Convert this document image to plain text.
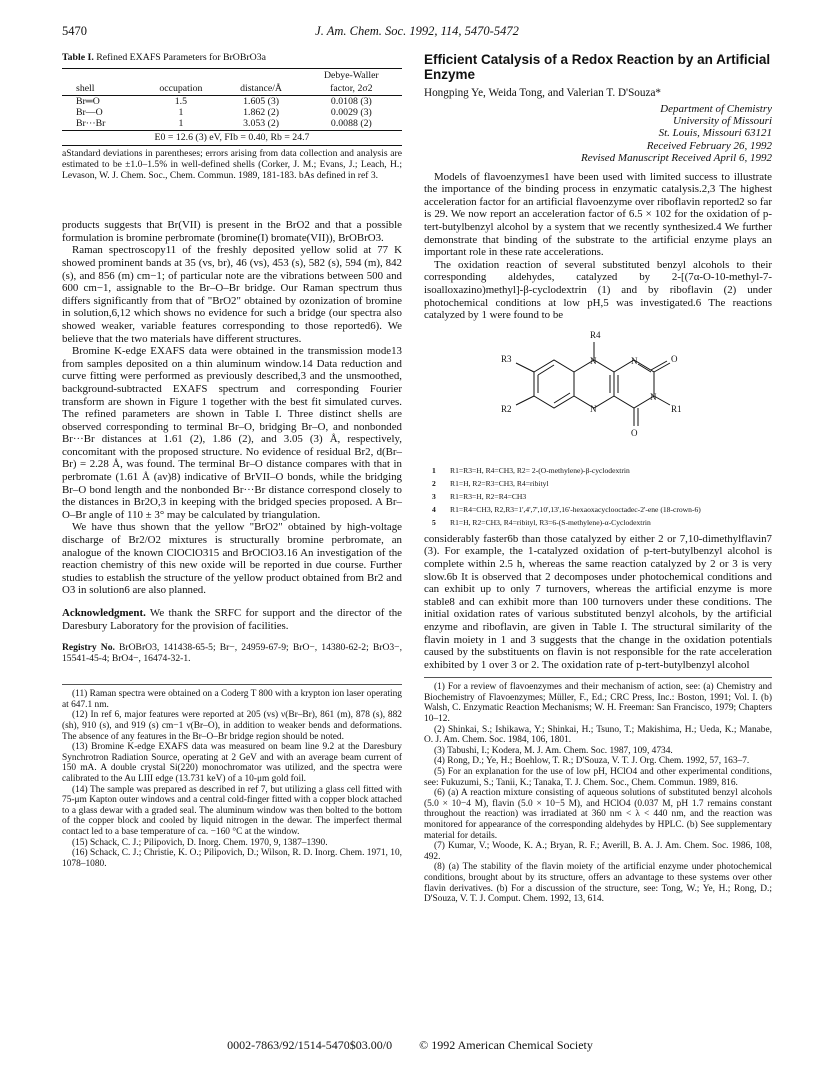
5470	J. Am. Chem. Soc. 1992, 114, 5470-5472
Table I. Refined EXAFS Parameters for BrOBrO3a
			Debye-Waller
shell	occupation	distance/Å	factor, 2σ2
Br═O	1.5	1.605 (3)	0.0108 (3)
Br—O	1	1.862 (2)	0.0029 (3)
Br···Br	1	3.053 (2)	0.0088 (2)
E0 = 12.6 (3) eV, FIb = 0.40, Rb = 24.7
aStandard deviations in parentheses; errors arising from data collection and analysis are estimated to be ±1.0–1.5% in well-defined shells (Corker, J. M.; Evans, J.; Leach, H.; Levason, W. J. Chem. Soc., Chem. Commun. 1989, 181-183. bAs defined in ref 3.

products suggests that Br(VII) is present in the BrO2 and that a possible formulation is bromine perbromate (bromine(I) bromate(VII)), BrOBrO3.

Raman spectroscopy11 of the freshly deposited yellow solid at 77 K showed prominent bands at 35 (vs, br), 46 (vs), 453 (s), 582 (s), 594 (m), 842 (s), and 856 (m) cm−1; of particular note are the vibrations between 500 and 600 cm−1, assignable to the Br–O–Br bridge. Our Raman spectrum thus differs significantly from that of "BrO2" obtained by ozonization of bromine in solution,6,12 which shows no evidence for such a bridge (our spectra also showed weaker, variable features corresponding to those reported6). We believe that the two materials have different structures.

Bromine K-edge EXAFS data were obtained in the transmission mode13 from samples deposited on a thin aluminum window.14 Data reduction and curve fitting were performed as previously described,3 and the unsmoothed, background-subtracted EXAFS spectrum and corresponding Fourier transform are shown in Figure 1 together with the best fit simulated curves. The refined parameters are shown in Table I. Three distinct shells are observed corresponding to terminal Br–O, bridging Br–O, and nonbonded Br···Br distances at 1.61 (2), 1.86 (2), and 3.05 (3) Å, respectively, concomitant with the proposed structure. No evidence of residual Br2, d(Br–Br) = 2.28 Å, was found. The terminal Br–O distance compares with that in perbromate (1.61 Å (av)8) indicative of BrVII–O bonds, while the bridging Br–O bond length and the nonbonded Br···Br distance correspond closely to the distances in Br2O,3 in keeping with the bridged species proposed. A Br–O–Br angle of 110 ± 3° may be calculated by triangulation.

We have thus shown that the yellow "BrO2" obtained by high-voltage discharge of Br2/O2 mixtures is structurally bromine perbromate, an analogue of the known ClOClO315 and BrOClO3.16 An investigation of the reaction chemistry of this new oxide will be reported in due course. Further studies to establish the structure of the yellow product obtained from Br2 and O3 in solution6 are also planned.

Acknowledgment. We thank the SRFC for support and the director of the Daresbury Laboratory for the provision of facilities.

Registry No. BrOBrO3, 141438-65-5; Br−, 24959-67-9; BrO−, 14380-62-2; BrO3−, 15541-45-4; BrO4−, 16474-32-1.

(11) Raman spectra were obtained on a Coderg T 800 with a krypton ion laser operating at 647.1 nm.

(12) In ref 6, major features were reported at 205 (vs) ν(Br–Br), 861 (m), 878 (s), 882 (sh), 910 (s), and 919 (s) cm−1 ν(Br–O), in addition to weaker bends and deformations. The absence of any features in the Br–O–Br bridge region should be noted.

(13) Bromine K-edge EXAFS data was measured on beam line 9.2 at the Daresbury Synchrotron Radiation Source, operating at 2 GeV and with an average beam current of 150 mA. A double crystal Si(220) monochromator was utilized, and the spectra were calibrated to the Au LIII edge (13.731 keV) of a 10-μm gold foil.

(14) The sample was prepared as described in ref 7, but utilizing a glass cell fitted with 75-μm Kapton outer windows and a central cold-finger fitted with a copper block attached to a glass dewar with a graded seal. The aluminum window was then bolted to the bottom of the copper block and cooled by liquid nitrogen in the dewar. The imperfect thermal contact led to a base temperature of ca. −160 °C at the window.

(15) Schack, C. J.; Pilipovich, D. Inorg. Chem. 1970, 9, 1387–1390.

(16) Schack, C. J.; Christie, K. O.; Pilipovich, D.; Wilson, R. D. Inorg. Chem. 1971, 10, 1078–1080.

Efficient Catalysis of a Redox Reaction by an Artificial Enzyme
Hongping Ye, Weida Tong, and Valerian T. D'Souza*
Department of Chemistry
University of Missouri
St. Louis, Missouri 63121
Received February 26, 1992
Revised Manuscript Received April 6, 1992

Models of flavoenzymes1 have been used with limited success to illustrate the importance of the binding process in enzymatic catalysis.2,3 The highest acceleration factor for an artificial flavoenzyme over riboflavin reported2 so far is 29. We now report an acceleration factor of 6.5 × 102 for the oxidation of p-tert-butylbenzyl alcohol by a system that we recently synthesized.4 We further demonstrate that binding of the substrate to the artificial enzyme plays an important role in these rate accelerations.

The oxidation reaction of several substituted benzyl alcohols to their corresponding aldehydes, catalyzed by 2-[(7α-O-10-methyl-7-isoalloxazino)methyl]-β-cyclodextrin (1) and by riboflavin (2) under photochemical conditions at low pH,5 was investigated.6 The reactions catalyzed by 1 were found to be

R4
R3
R2	R1
O
O
N
N
N
N
1 R1=R3=H, R4=CH3, R2= 2-(O-methylene)-β-cyclodextrin
2 R1=H, R2=R3=CH3, R4=ribityl
3 R1=R3=H, R2=R4=CH3
4 R1=R4=CH3, R2,R3=1',4',7',10',13',16'-hexaoxacyclooctadec-2'-ene (18-crown-6)
5 R1=H, R2=CH3, R4=ribityl, R3=6-(S-methylene)-α-Cyclodextrin

considerably faster6b than those catalyzed by either 2 or 7,10-dimethylflavin7 (3). For example, the 1-catalyzed oxidation of p-tert-butylbenzyl alcohol is complete within 2.5 h, whereas the same reaction catalyzed by 2 or 3 is very slow.6b It is observed that 2 decomposes under photochemical conditions and can exhibit up to only 7 turnovers, whereas the artificial enzyme is more stable8 and can exhibit more than 100 turnovers under these conditions. The initial oxidation rates of various substituted benzyl alcohols, by the artificial enzyme and riboflavin, are given in Table I. The structural similarity of the flavin moiety in 1 and 3 suggests that the change in the oxidation potentials caused by the substituents on flavin is not responsible for the rate acceleration exhibited by 1 over 3 or 2. The oxidation rate of p-tert-butylbenzyl alcohol

(1) For a review of flavoenzymes and their mechanism of action, see: (a) Chemistry and Biochemistry of Flavoenzymes; Müller, F., Ed.; CRC Press, Inc.: Boston, 1991; Vol. I. (b) Walsh, C. Enzymatic Reaction Mechanisms; W. H. Freeman: San Francisco, 1979; Chapters 10–12.

(2) Shinkai, S.; Ishikawa, Y.; Shinkai, H.; Tsuno, T.; Makishima, H.; Ueda, K.; Manabe, O. J. Am. Chem. Soc. 1984, 106, 1801.

(3) Tabushi, I.; Kodera, M. J. Am. Chem. Soc. 1987, 109, 4734.

(4) Rong, D.; Ye, H.; Boehlow, T. R.; D'Souza, V. T. J. Org. Chem. 1992, 57, 163–7.

(5) For an explanation for the use of low pH, HClO4 and other experimental conditions, see: Fukuzumi, S.; Tanii, K.; Tanaka, T. J. Chem. Soc., Chem. Commun. 1989, 816.

(6) (a) A reaction mixture consisting of aqueous solutions of substituted benzyl alcohols (5.0 × 10−4 M), flavin (5.0 × 10−5 M), and HClO4 (0.037 M, pH 1.7 remains constant throughout the reaction) was irradiated at 360 nm < λ < 440 nm, and the reaction was monitored for appearance of the corresponding aldehydes by HPLC. (b) See supplementary material for details.

(7) Kumar, V.; Woode, K. A.; Bryan, R. F.; Averill, B. A. J. Am. Chem. Soc. 1986, 108, 492.

(8) (a) The stability of the flavin moiety of the artificial enzyme under photochemical conditions, brought about by its structure, offers an advantage to these systems over other flavin derivatives. (b) For a discussion of the structure, see: Tong, W.; Ye, H.; Rong, D.; D'Souza, V. T. J. Comput. Chem. 1992, 13, 614.

0002-7863/92/1514-5470$03.00/0 © 1992 American Chemical Society
